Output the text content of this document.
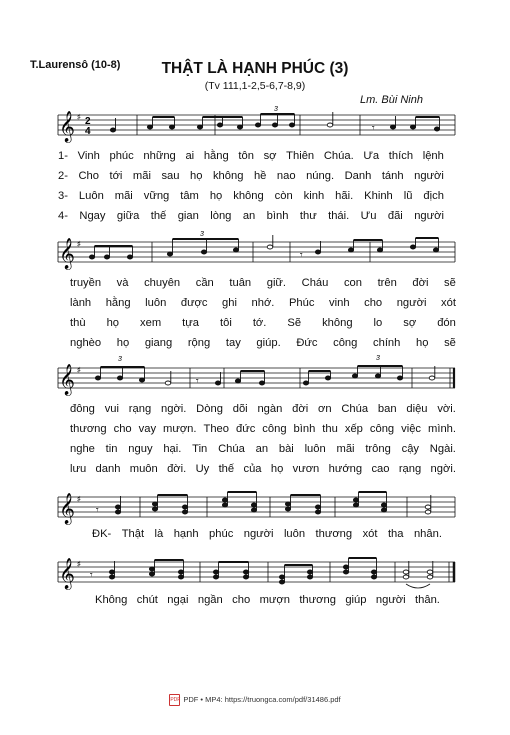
T.Laurensô (10-8)	THẬT LÀ HẠNH PHÚC (3)
(Tv 111,1-2,5-6,7-8,9)
Lm. Bùi Ninh
𝄞 ♯ 2
4
3
𝄾
1- Vinh phúc những ai hằng tôn sợ Thiên Chúa. Ưa thích lệnh
2- Cho tới mãi sau họ không hề nao núng. Danh tánh người
3- Luôn mãi vững tâm họ không còn kinh hãi. Khinh lũ địch
4- Ngay giữa thế gian lòng an bình thư thái. Ưu đãi người
𝄞 ♯
3
𝄾
truyền và chuyên cần tuân giữ. Cháu con trên đời sẽ
lành hằng luôn được ghi nhớ. Phúc vinh cho người xót
thù họ xem tựa tôi tớ. Sẽ không lo sợ đón
nghèo họ giang rộng tay giúp. Đức công chính họ sẽ
𝄞 ♯
3	3
𝄾
đông vui rạng ngời. Dòng dõi ngàn đời ơn Chúa ban diệu vời.
thương cho vay mượn. Theo đức công bình thu xếp công việc mình.
nghe tin nguy hại. Tin Chúa an bài luôn mãi trông cậy Ngài.
lưu danh muôn đời. Uy thế của họ vươn hướng cao rạng ngời.
𝄞 ♯
𝄾
ĐK- Thật là hạnh phúc người luôn thương xót tha nhân.
𝄞 ♯
𝄾
Không chút ngại ngần cho mượn thương giúp người thân.
PDF PDF • MP4: https://truongca.com/pdf/31486.pdf
